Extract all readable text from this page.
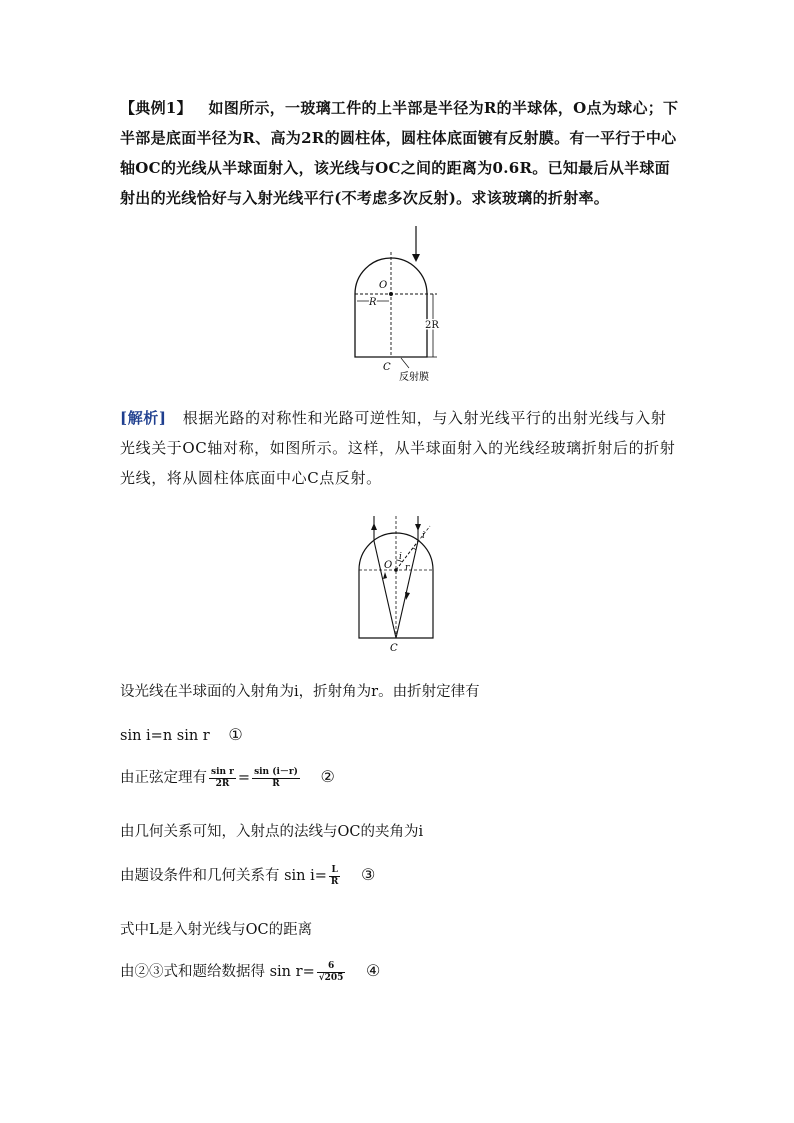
【典例1】 如图所示，一玻璃工件的上半部是半径为R的半球体，O点为球心；下半部是底面半径为R、高为2R的圆柱体，圆柱体底面镀有反射膜。有一平行于中心轴OC的光线从半球面射入，该光线与OC之间的距离为0.6R。已知最后从半球面射出的光线恰好与入射光线平行(不考虑多次反射)。求该玻璃的折射率。
O
R
2R
C
反射膜
[解析] 根据光路的对称性和光路可逆性知，与入射光线平行的出射光线与入射光线关于OC轴对称，如图所示。这样，从半球面射入的光线经玻璃折射后的折射光线，将从圆柱体底面中心C点反射。
i
i
r
O
C
设光线在半球面的入射角为i，折射角为r。由折射定律有
sin i=n sin r ①
由正弦定理有 $\frac{\text{sin r}}{2R} = \frac{\sin (i-r)}{R}$ ②
由几何关系可知，入射点的法线与OC的夹角为i
由题设条件和几何关系有 $\sin i= \frac{L}{R}$ ③
式中L是入射光线与OC的距离
由②③式和题给数据得 $\sin r= \frac{6}{√205}$ ④
